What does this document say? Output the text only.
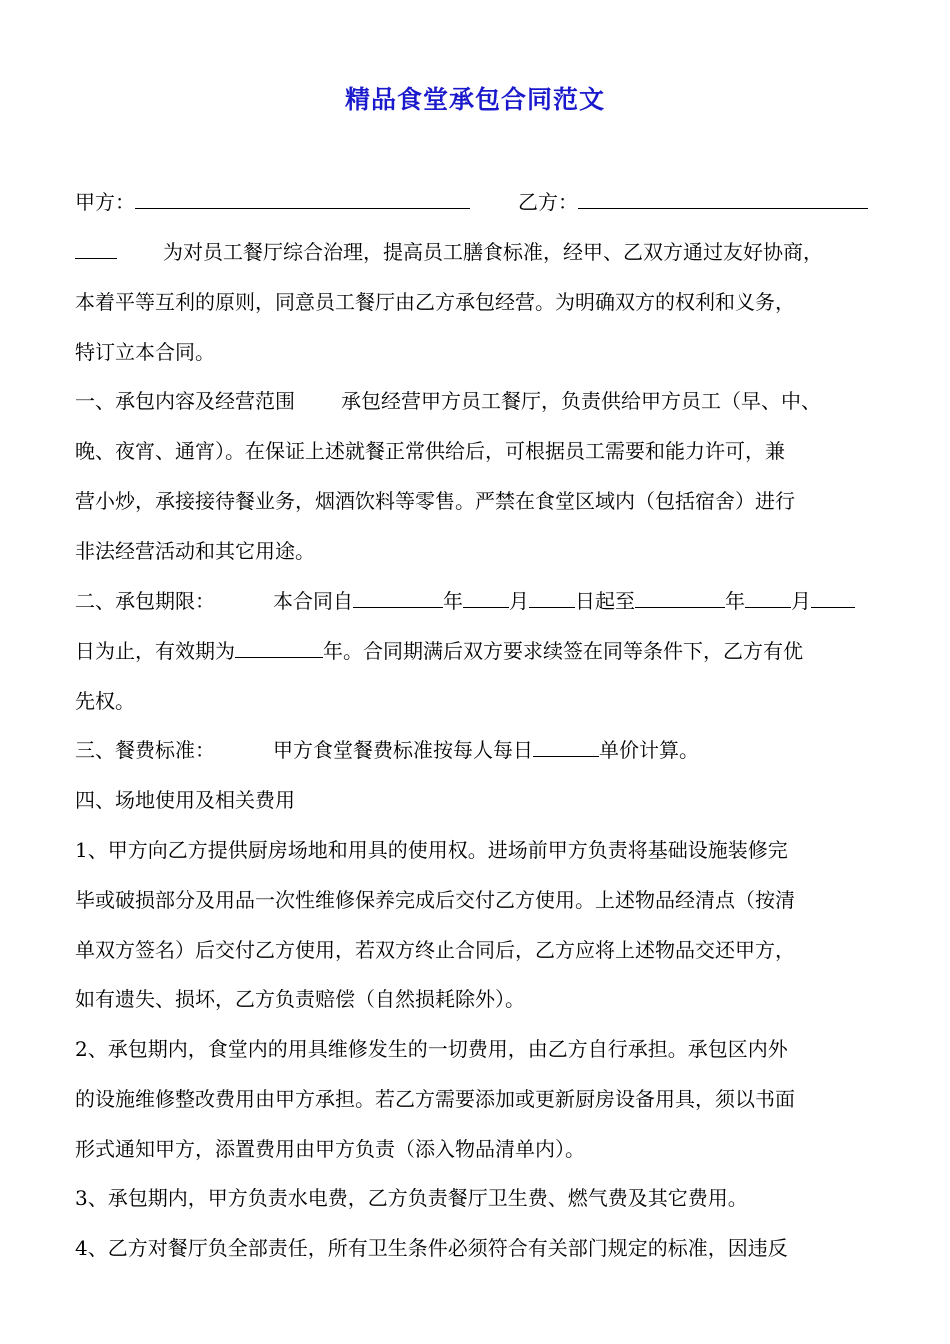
精品食堂承包合同范文
甲方：	乙方：
为对员工餐厅综合治理，提高员工膳食标准，经甲、乙双方通过友好协商，
本着平等互利的原则，同意员工餐厅由乙方承包经营。为明确双方的权利和义务，
特订立本合同。
一、承包内容及经营范围 承包经营甲方员工餐厅，负责供给甲方员工（早、中、
晚、夜宵、通宵）。在保证上述就餐正常供给后，可根据员工需要和能力许可，兼
营小炒，承接接待餐业务，烟酒饮料等零售。严禁在食堂区域内（包括宿舍）进行
非法经营活动和其它用途。
二、承包期限：	本合同自	年 月 日起至	年 月
日为止，有效期为	年。合同期满后双方要求续签在同等条件下，乙方有优
先权。
三、餐费标准：	甲方食堂餐费标准按每人每日	单价计算。
四、场地使用及相关费用
1、甲方向乙方提供厨房场地和用具的使用权。进场前甲方负责将基础设施装修完
毕或破损部分及用品一次性维修保养完成后交付乙方使用。上述物品经清点（按清
单双方签名）后交付乙方使用，若双方终止合同后，乙方应将上述物品交还甲方，
如有遗失、损坏，乙方负责赔偿（自然损耗除外）。
2、承包期内，食堂内的用具维修发生的一切费用，由乙方自行承担。承包区内外
的设施维修整改费用由甲方承担。若乙方需要添加或更新厨房设备用具，须以书面
形式通知甲方，添置费用由甲方负责（添入物品清单内）。
3、承包期内，甲方负责水电费，乙方负责餐厅卫生费、燃气费及其它费用。
4、乙方对餐厅负全部责任，所有卫生条件必须符合有关部门规定的标准，因违反
